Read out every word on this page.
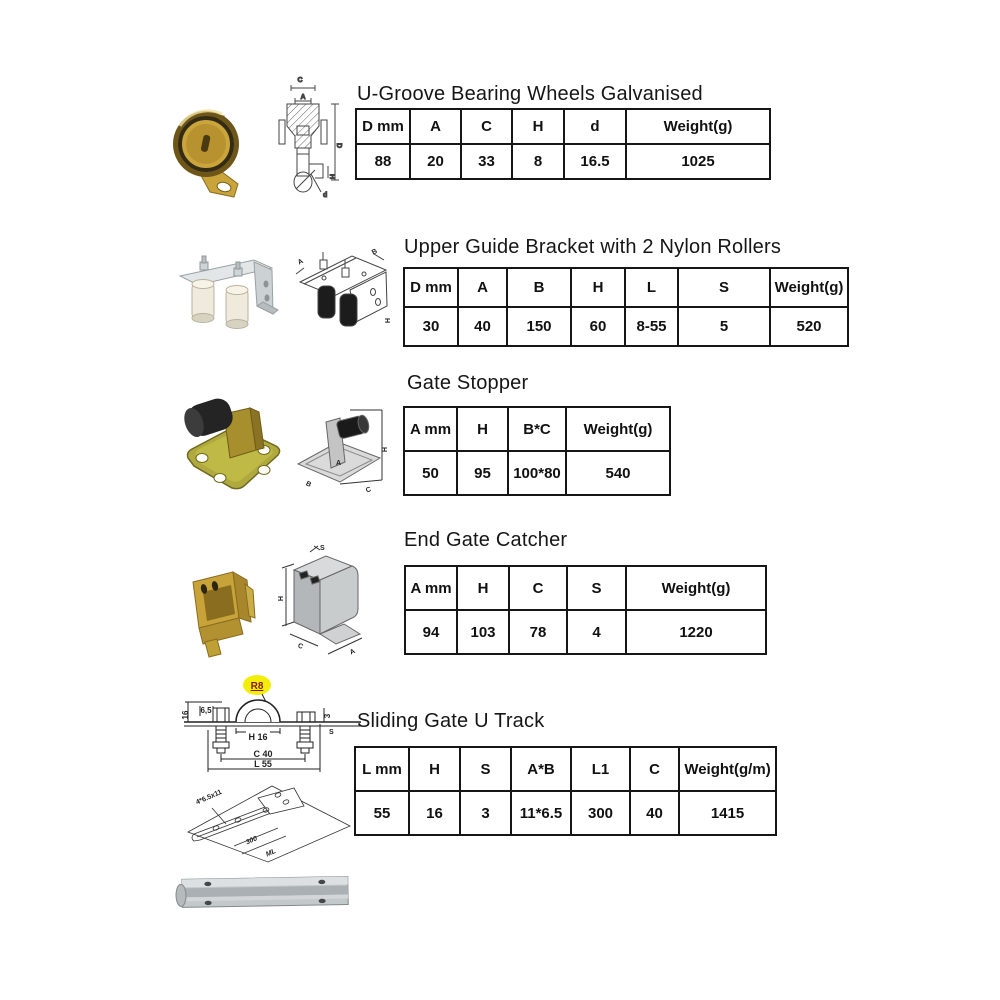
C
A
d
D
H
U-Groove Bearing Wheels Galvanised
D mm	A	C	H	d	Weight(g)
88	20	33	8	16.5	1025
A
B
H
Upper Guide Bracket with 2 Nylon Rollers
D mm	A	B	H	L	S	Weight(g)
30	40	150	60	8-55	5	520
A
B
C
H
Gate Stopper
A mm	H	B*C	Weight(g)
50	95	100*80	540
S
H
C
A
End Gate Catcher
A mm	H	C	S	Weight(g)
94	103	78	4	1220
R8
16 6,5
H 16
3
S
C 40
L 55
4*6.5x11
300
ML
Sliding Gate U Track
L mm	H	S	A*B	L1	C	Weight(g/m)
55	16	3	11*6.5	300	40	1415
